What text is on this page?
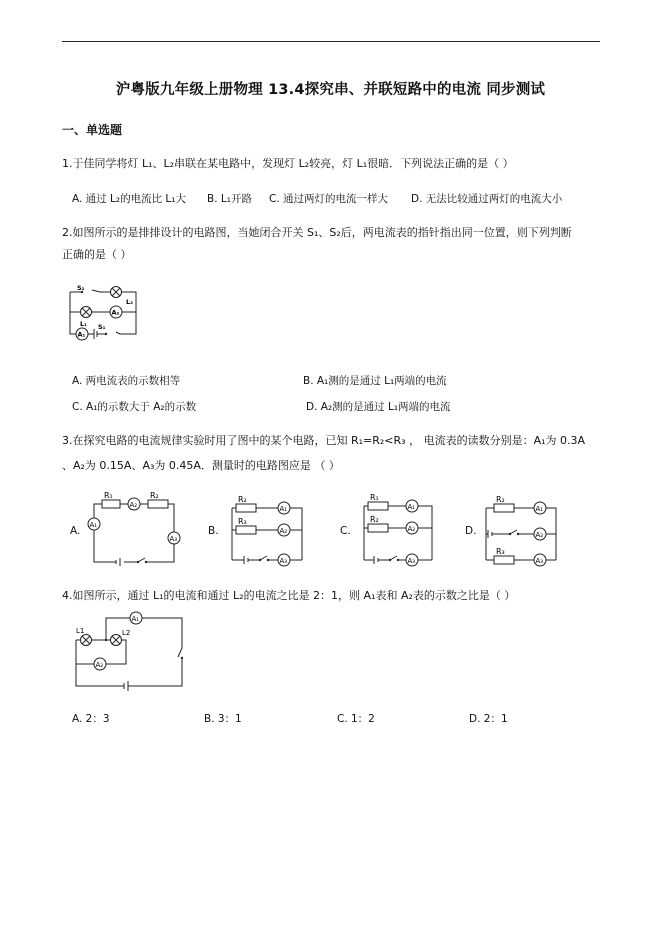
沪粤版九年级上册物理 13.4探究串、并联短路中的电流 同步测试
一、单选题
1.于佳同学将灯 L₁、L₂串联在某电路中，发现灯 L₂较亮，灯 L₁很暗．下列说法正确的是（ ）
A. 通过 L₂的电流比 L₁大 B. L₁开路 C. 通过两灯的电流一样大 D. 无法比较通过两灯的电流大小
2.如图所示的是排排设计的电路图，当她闭合开关 S₁、S₂后，两电流表的指针指出同一位置，则下列判断
正确的是（ ）
S₂
L₂
L₁
A₂
S₁
A₁
A. 两电流表的示数相等	B. A₁测的是通过 L₁两端的电流
C. A₁的示数大于 A₂的示数	D. A₂测的是通过 L₁两端的电流
3.在探究电路的电流规律实验时用了图中的某个电路，已知 R₁=R₂<R₃ ， 电流表的读数分别是：A₁为 0.3A
、A₂为 0.15A、A₃为 0.45A．测量时的电路图应是 （ ）
A.
R₁	R₂
A₂
A₁
A₃
B.
R₂
A₁
R₃
A₂
A₃
C.
R₁
A₁
R₂
A₂
A₃
D.
R₂
A₁
A₂
R₃
A₃
4.如图所示，通过 L₁的电流和通过 L₂的电流之比是 2：1，则 A₁表和 A₂表的示数之比是（ ）
A₁
L1	L2
A₂
A. 2：3	B. 3：1	C. 1：2	D. 2：1
